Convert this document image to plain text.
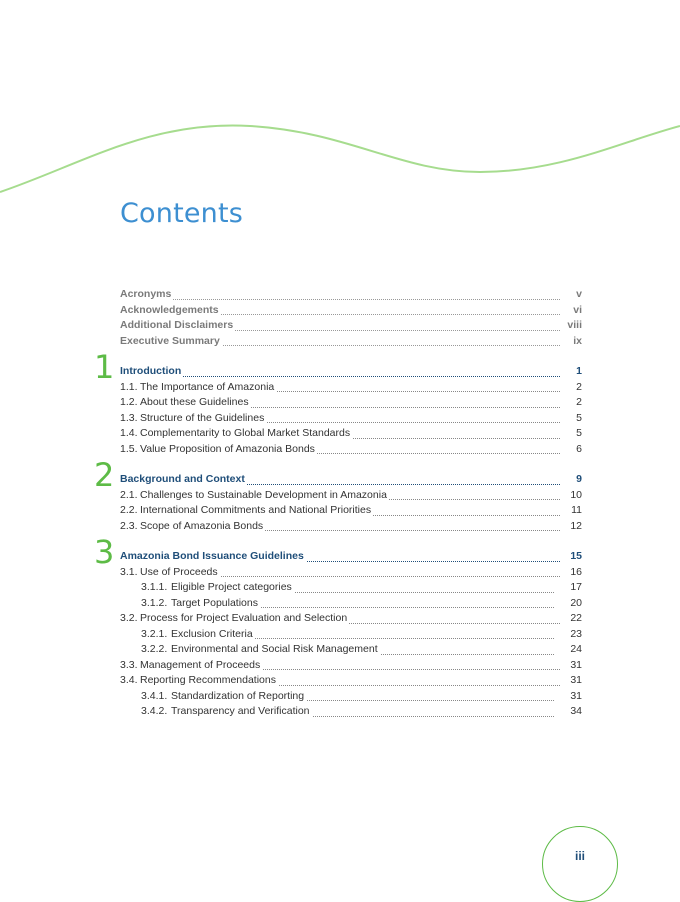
Contents
Acronyms	v
Acknowledgements	vi
Additional Disclaimers	viii
Executive Summary	ix
Introduction	1
1
1.1. The Importance of Amazonia	2
1.2. About these Guidelines	2
1.3. Structure of the Guidelines	5
1.4. Complementarity to Global Market Standards	5
1.5. Value Proposition of Amazonia Bonds	6
Background and Context	9
2
2.1. Challenges to Sustainable Development in Amazonia	10
2.2. International Commitments and National Priorities	11
2.3. Scope of Amazonia Bonds	12
Amazonia Bond Issuance Guidelines	15
3
3.1. Use of Proceeds	16
3.1.1. Eligible Project categories	17
3.1.2. Target Populations	20
3.2. Process for Project Evaluation and Selection	22
3.2.1. Exclusion Criteria	23
3.2.2. Environmental and Social Risk Management	24
3.3. Management of Proceeds	31
3.4. Reporting Recommendations	31
3.4.1. Standardization of Reporting	31
3.4.2. Transparency and Verification	34
iii
